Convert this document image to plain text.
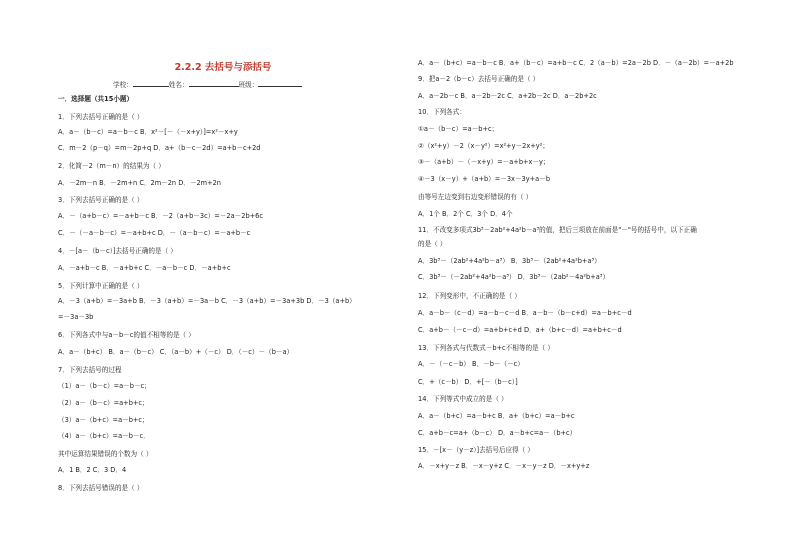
2.2.2 去括号与添括号
学校：	姓名：	班级：
一．选择题（共15小题）
1．下列去括号正确的是（ ）
A．a－（b－c）=a－b－c B．x²－[－（－x+y）]=x²－x+y
C．m－2（p－q）=m－2p+q D．a+（b－c－2d）=a+b－c+2d
2．化简－2（m－n）的结果为（ ）
A．－2m－n B．－2m+n C．2m－2n D．－2m+2n
3．下列去括号正确的是（ ）
A．－（a+b－c）=－a+b－c B．－2（a+b－3c）=－2a－2b+6c
C．－（－a－b－c）=－a+b+c D．－（a－b－c）=－a+b－c
4．－[a－（b－c）]去括号正确的是（ ）
A．－a+b－c B．－a+b+c C．－a－b－c D．－a+b+c
5．下列计算中正确的是（ ）
A．－3（a+b）=－3a+b B．－3（a+b）=－3a－b C．－3（a+b）=－3a+3b D．－3（a+b）
=－3a－3b
6．下列各式中与a－b－c的值不相等的是（ ）
A．a－（b+c） B．a－（b－c） C．（a－b）+（－c） D．（－c）－（b－a）
7．下列去括号的过程
（1）a－（b－c）=a－b－c；
（2）a－（b－c）=a+b+c；
（3）a－（b+c）=a－b+c；
（4）a－（b+c）=a－b－c．
其中运算结果错误的个数为（ ）
A．1 B．2 C．3 D．4
8．下列去括号错误的是（ ）
A．a－（b+c）=a－b－c B．a+（b－c）=a+b－c C．2（a－b）=2a－2b D．－（a－2b）=－a+2b
9．把a－2（b－c）去括号正确的是（ ）
A．a－2b－c B．a－2b－2c C．a+2b－2c D．a－2b+2c
10．下列各式：
①a－（b－c）=a－b+c；
②（x²+y）－2（x－y²）=x²+y－2x+y²；
③－（a+b）－（－x+y）=－a+b+x－y；
④－3（x－y）+（a+b）=－3x－3y+a－b
由等号左边变到右边变形错误的有（ ）
A．1个 B．2个 C．3个 D．4个
11．不改变多项式3b³－2ab²+4a²b－a³的值，把后三项放在前面是"－"号的括号中，以下正确
的是（ ）
A．3b³－（2ab²+4a²b－a³） B．3b³－（2ab²+4a²b+a³）
C．3b³－（－2ab²+4a²b－a³） D．3b³－（2ab²－4a²b+a³）
12．下列变形中，不正确的是（ ）
A．a－b－（c－d）=a－b－c－d B．a－b－（b－c+d）=a－b+c－d
C．a+b－（－c－d）=a+b+c+d D．a+（b+c－d）=a+b+c－d
13．下列各式与代数式－b+c不相等的是（ ）
A．－（－c－b） B．－b－（－c）
C．+（c－b） D．+[－（b－c）]
14．下列等式中成立的是（ ）
A．a－（b+c）=a－b+c B．a+（b+c）=a－b+c
C．a+b－c=a+（b－c） D．a－b+c=a－（b+c）
15．－[x－（y－z）]去括号后应得（ ）
A．－x+y－z B．－x－y+z C．－x－y－z D．－x+y+z
